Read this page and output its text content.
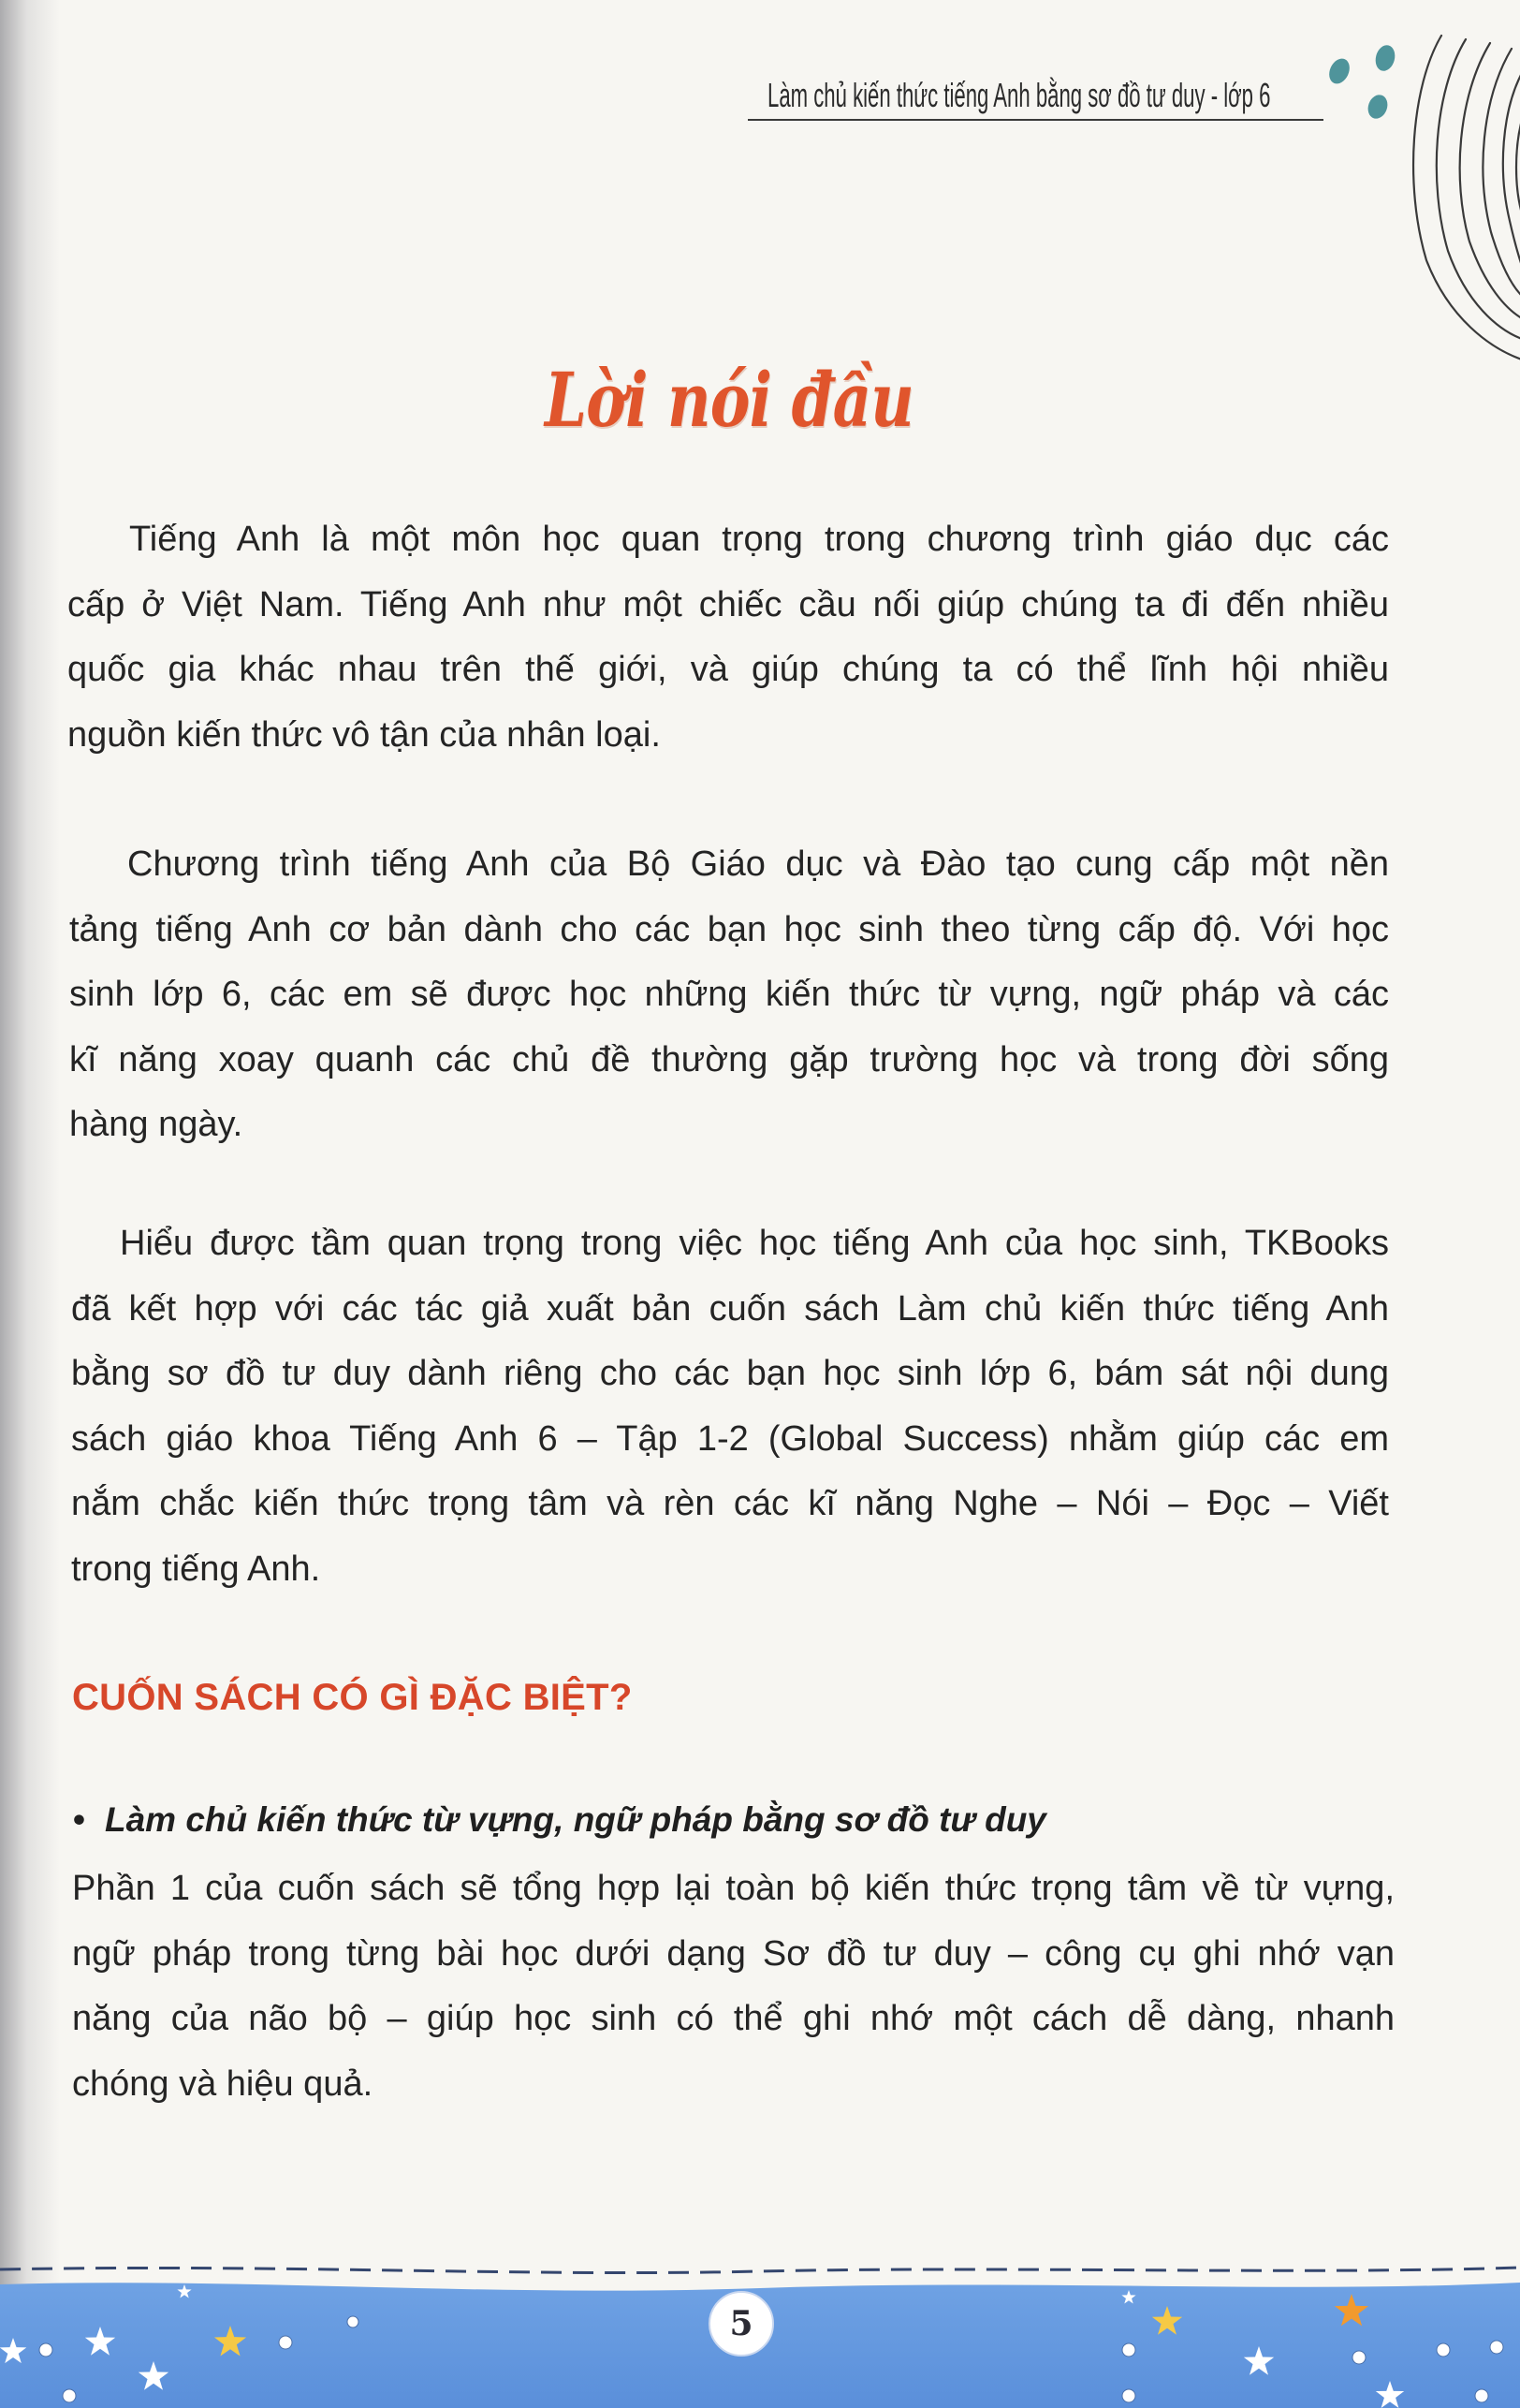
Làm chủ kiến thức tiếng Anh bằng sơ đồ tư duy - lớp 6
Lời nói đầu
Tiếng Anh là một môn học quan trọng trong chương trình giáo dục các
cấp ở Việt Nam. Tiếng Anh như một chiếc cầu nối giúp chúng ta đi đến nhiều
quốc gia khác nhau trên thế giới, và giúp chúng ta có thể lĩnh hội nhiều
nguồn kiến thức vô tận của nhân loại.
Chương trình tiếng Anh của Bộ Giáo dục và Đào tạo cung cấp một nền
tảng tiếng Anh cơ bản dành cho các bạn học sinh theo từng cấp độ. Với học
sinh lớp 6, các em sẽ được học những kiến thức từ vựng, ngữ pháp và các
kĩ năng xoay quanh các chủ đề thường gặp trường học và trong đời sống
hàng ngày.
Hiểu được tầm quan trọng trong việc học tiếng Anh của học sinh, TKBooks
đã kết hợp với các tác giả xuất bản cuốn sách Làm chủ kiến thức tiếng Anh
bằng sơ đồ tư duy dành riêng cho các bạn học sinh lớp 6, bám sát nội dung
sách giáo khoa Tiếng Anh 6 – Tập 1-2 (Global Success) nhằm giúp các em
nắm chắc kiến thức trọng tâm và rèn các kĩ năng Nghe – Nói – Đọc – Viết
trong tiếng Anh.
CUỐN SÁCH CÓ GÌ ĐẶC BIỆT?
• Làm chủ kiến thức từ vựng, ngữ pháp bằng sơ đồ tư duy
Phần 1 của cuốn sách sẽ tổng hợp lại toàn bộ kiến thức trọng tâm về từ vựng,
ngữ pháp trong từng bài học dưới dạng Sơ đồ tư duy – công cụ ghi nhớ vạn
năng của não bộ – giúp học sinh có thể ghi nhớ một cách dễ dàng, nhanh
chóng và hiệu quả.
5
